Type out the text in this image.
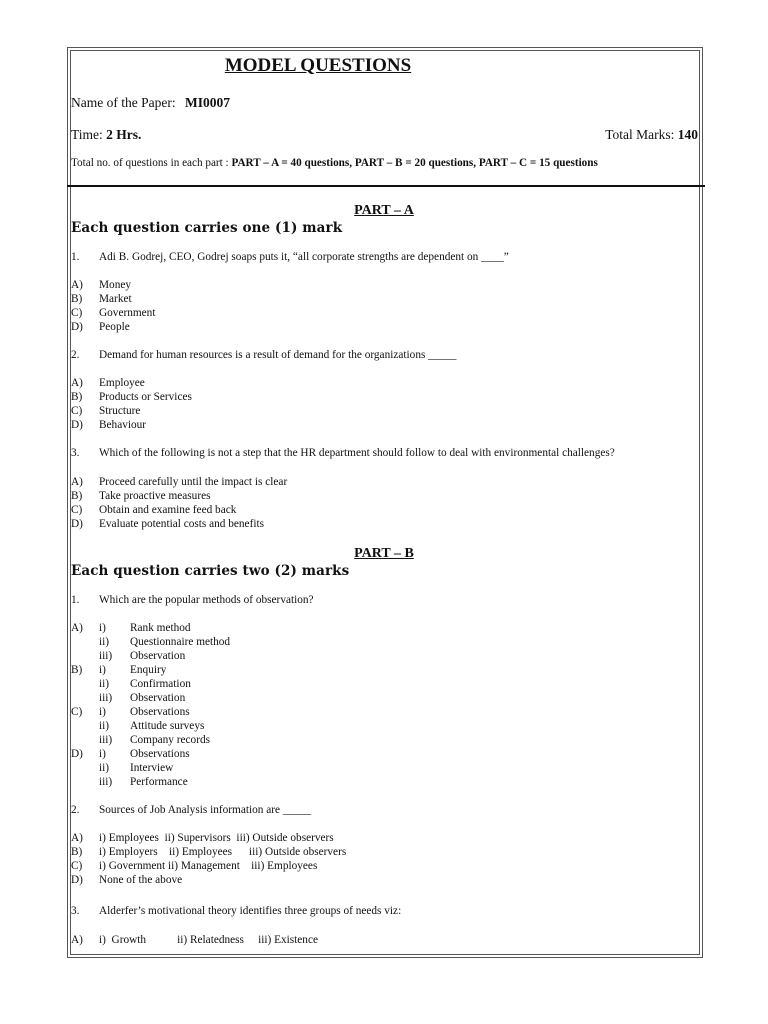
MODEL QUESTIONS
Name of the Paper: MI0007
Time: 2 Hrs.	Total Marks: 140
Total no. of questions in each part : PART – A = 40 questions, PART – B = 20 questions, PART – C = 15 questions
PART – A
Each question carries one (1) mark
1. Adi B. Godrej, CEO, Godrej soaps puts it, “all corporate strengths are dependent on ____”
A) Money
B) Market
C) Government
D) People
2. Demand for human resources is a result of demand for the organizations _____
A) Employee
B) Products or Services
C) Structure
D) Behaviour
3. Which of the following is not a step that the HR department should follow to deal with environmental challenges?
A) Proceed carefully until the impact is clear
B) Take proactive measures
C) Obtain and examine feed back
D) Evaluate potential costs and benefits
PART – B
Each question carries two (2) marks
1. Which are the popular methods of observation?
A) i) Rank method
ii) Questionnaire method
iii) Observation
B) i) Enquiry
ii) Confirmation
iii) Observation
C) i) Observations
ii) Attitude surveys
iii) Company records
D) i) Observations
ii) Interview
iii) Performance
2. Sources of Job Analysis information are _____
A) i) Employees  ii) Supervisors  iii) Outside observers
B) i) Employers    ii) Employees      iii) Outside observers
C) i) Government ii) Management    iii) Employees
D) None of the above
3. Alderfer’s motivational theory identifies three groups of needs viz:
A) i)  Growth           ii) Relatedness     iii) Existence
